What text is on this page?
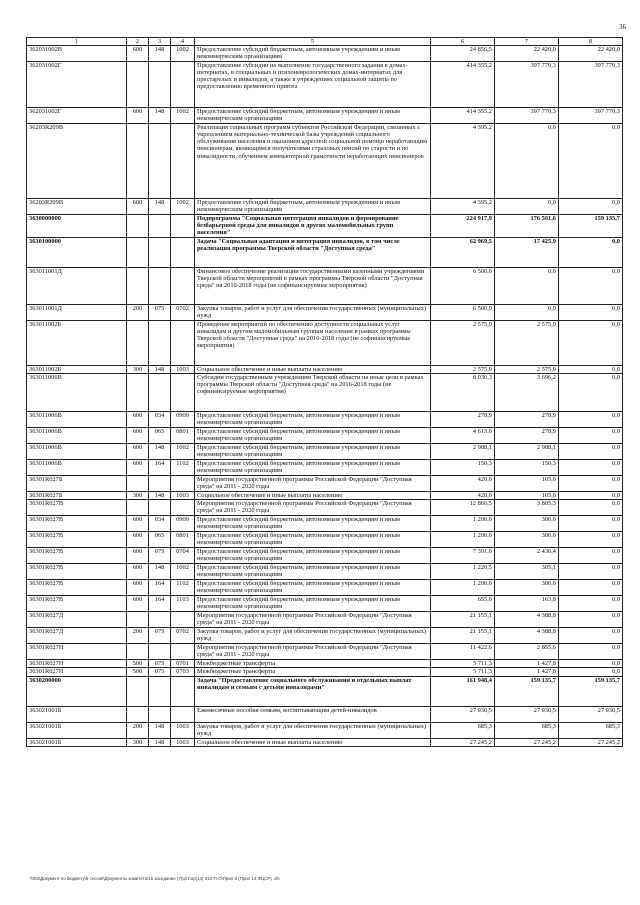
36
1	2	3	4	5	6	7	8
362031002В	600	148	1002	Предоставление субсидий бюджетным, автономным учреждениям и иным некоммерческим организациям	24 856,5	22 420,0	22 420,0
362031002Г				Предоставление субсидии на выполнение государственного задания в домах-интернатах, в специальных и психоневрологических домах-интернатах для престарелых и инвалидов, а также в учреждениях социальной защиты по предоставлению временного приюта	414 355,2	397 770,3	397 770,3
362031002Г	600	148	1002	Предоставление субсидий бюджетным, автономным учреждениям и иным некоммерческим организациям	414 355,2	397 770,3	397 770,3
36203R209В				Реализация социальных программ субъектов Российской Федерации, связанных с укреплением материально-технической базы учреждений социального обслуживания населения и оказанием адресной социальной помощи неработающим пенсионерам, являющимся получателями страховых пенсий по старости и по инвалидности, обучением компьютерной грамотности неработающих пенсионеров	4 395,2	0,0	0,0
36203R209В	600	148	1002	Предоставление субсидий бюджетным, автономным учреждениям и иным некоммерческим организациям	4 395,2	0,0	0,0
3630000000				Подпрограмма "Социальная интеграция инвалидов и формирование безбарьерной среды для инвалидов и других маломобильных групп населения"	224 917,9	176 561,6	159 135,7
3630100000				Задача "Социальная адаптация и интеграция инвалидов, в том числе реализация программы Тверской области "Доступная среда"	62 969,5	17 425,9	0,0
363011001Д				Финансовое обеспечение реализации государственными казенными учреждениями Тверской области мероприятий в рамках программы Тверской области "Доступная среда" на 2016-2018 годы (не софинансируемые мероприятия)	6 500,0	0,0	0,0
363011001Д	200	075	0702	Закупка товаров, работ и услуг для обеспечения государственных (муниципальных) нужд	6 500,0	0,0	0,0
363011002Б				Проведение мероприятий по обеспечению доступности социальных услуг инвалидам и другим маломобильным группам населения в рамках программы Тверской области "Доступная среда" на 2016-2018 годы (не софинансируемые мероприятия)	2 575,0	2 575,0	0,0
363011002Б	300	148	1003	Социальное обеспечение и иные выплаты населению	2 575,0	2 575,0	0,0
363011006В				Субсидии государственным учреждениям Тверской области на иные цели в рамках программы Тверской области "Доступная среда" на 2016-2018 годы (не софинансируемые мероприятия)	8 030,3	3 696,2	0,0
363011006В	600	034	0909	Предоставление субсидий бюджетным, автономным учреждениям и иным некоммерческим организациям	278,9	278,9	0,0
363011006В	600	065	0801	Предоставление субсидий бюджетным, автономным учреждениям и иным некоммерческим организациям	4 613,0	278,9	0,0
363011006В	600	148	1002	Предоставление субсидий бюджетным, автономным учреждениям и иным некоммерческим организациям	2 988,1	2 988,1	0,0
363011006В	600	164	1102	Предоставление субсидий бюджетным, автономным учреждениям и иным некоммерческим организациям	150,3	150,3	0,0
36301R027Б				Мероприятия государственной программы Российской Федерации "Доступная среда" на 2011 - 2020 годы	420,0	105,0	0,0
36301R027Б	300	148	1003	Социальное обеспечение и иные выплаты населению	420,0	105,0	0,0
36301R027В				Мероприятия государственной программы Российской Федерации "Доступная среда" на 2011 - 2020 годы	12 866,5	3 805,3	0,0
36301R027В	600	034	0909	Предоставление субсидий бюджетным, автономным учреждениям и иным некоммерческим организациям	1 200,0	300,0	0,0
36301R027В	600	065	0801	Предоставление субсидий бюджетным, автономным учреждениям и иным некоммерческим организациям	1 200,0	300,0	0,0
36301R027В	600	075	0704	Предоставление субсидий бюджетным, автономным учреждениям и иным некоммерческим организациям	7 391,0	2 436,4	0,0
36301R027В	600	148	1002	Предоставление субсидий бюджетным, автономным учреждениям и иным некоммерческим организациям	1 220,5	305,1	0,0
36301R027В	600	164	1102	Предоставление субсидий бюджетным, автономным учреждениям и иным некоммерческим организациям	1 200,0	300,0	0,0
36301R027В	600	164	1103	Предоставление субсидий бюджетным, автономным учреждениям и иным некоммерческим организациям	655,0	163,8	0,0
36301R027Д				Мероприятия государственной программы Российской Федерации "Доступная среда" на 2011 - 2020 годы	21 155,1	4 388,8	0,0
36301R027Д	200	075	0702	Закупка товаров, работ и услуг для обеспечения государственных (муниципальных) нужд	21 155,1	4 388,8	0,0
36301R027Н				Мероприятия государственной программы Российской Федерации "Доступная среда" на 2011 - 2020 годы	11 422,6	2 855,6	0,0
36301R027Н	500	075	0701	Межбюджетные трансферты	5 711,3	1 427,8	0,0
36301R027Н	500	075	0703	Межбюджетные трансферты	5 711,3	1 427,8	0,0
3630200000				Задача "Предоставление социального обслуживания и отдельных выплат инвалидам и семьям с детьми инвалидами"	161 948,4	159 135,7	159 135,7
363021001Б				Ежемесячные пособия семьям, воспитывающим детей-инвалидов	27 930,5	27 930,5	27 930,5
363021001Б	200	148	1003	Закупка товаров, работ и услуг для обеспечения государственных (муниципальных) нужд	685,3	685,3	685,3
363021001Б	300	148	1003	Социальное обеспечение и иные выплаты населению	27 245,2	27 245,2	27 245,2
\\ФЭ\Документ по бюджету\6 сессия\Документы комитета\16 заседание (7)\р\1\ор(14) 312-П-О\Прил 8 (Прил 14 ФЦСР) .xls
